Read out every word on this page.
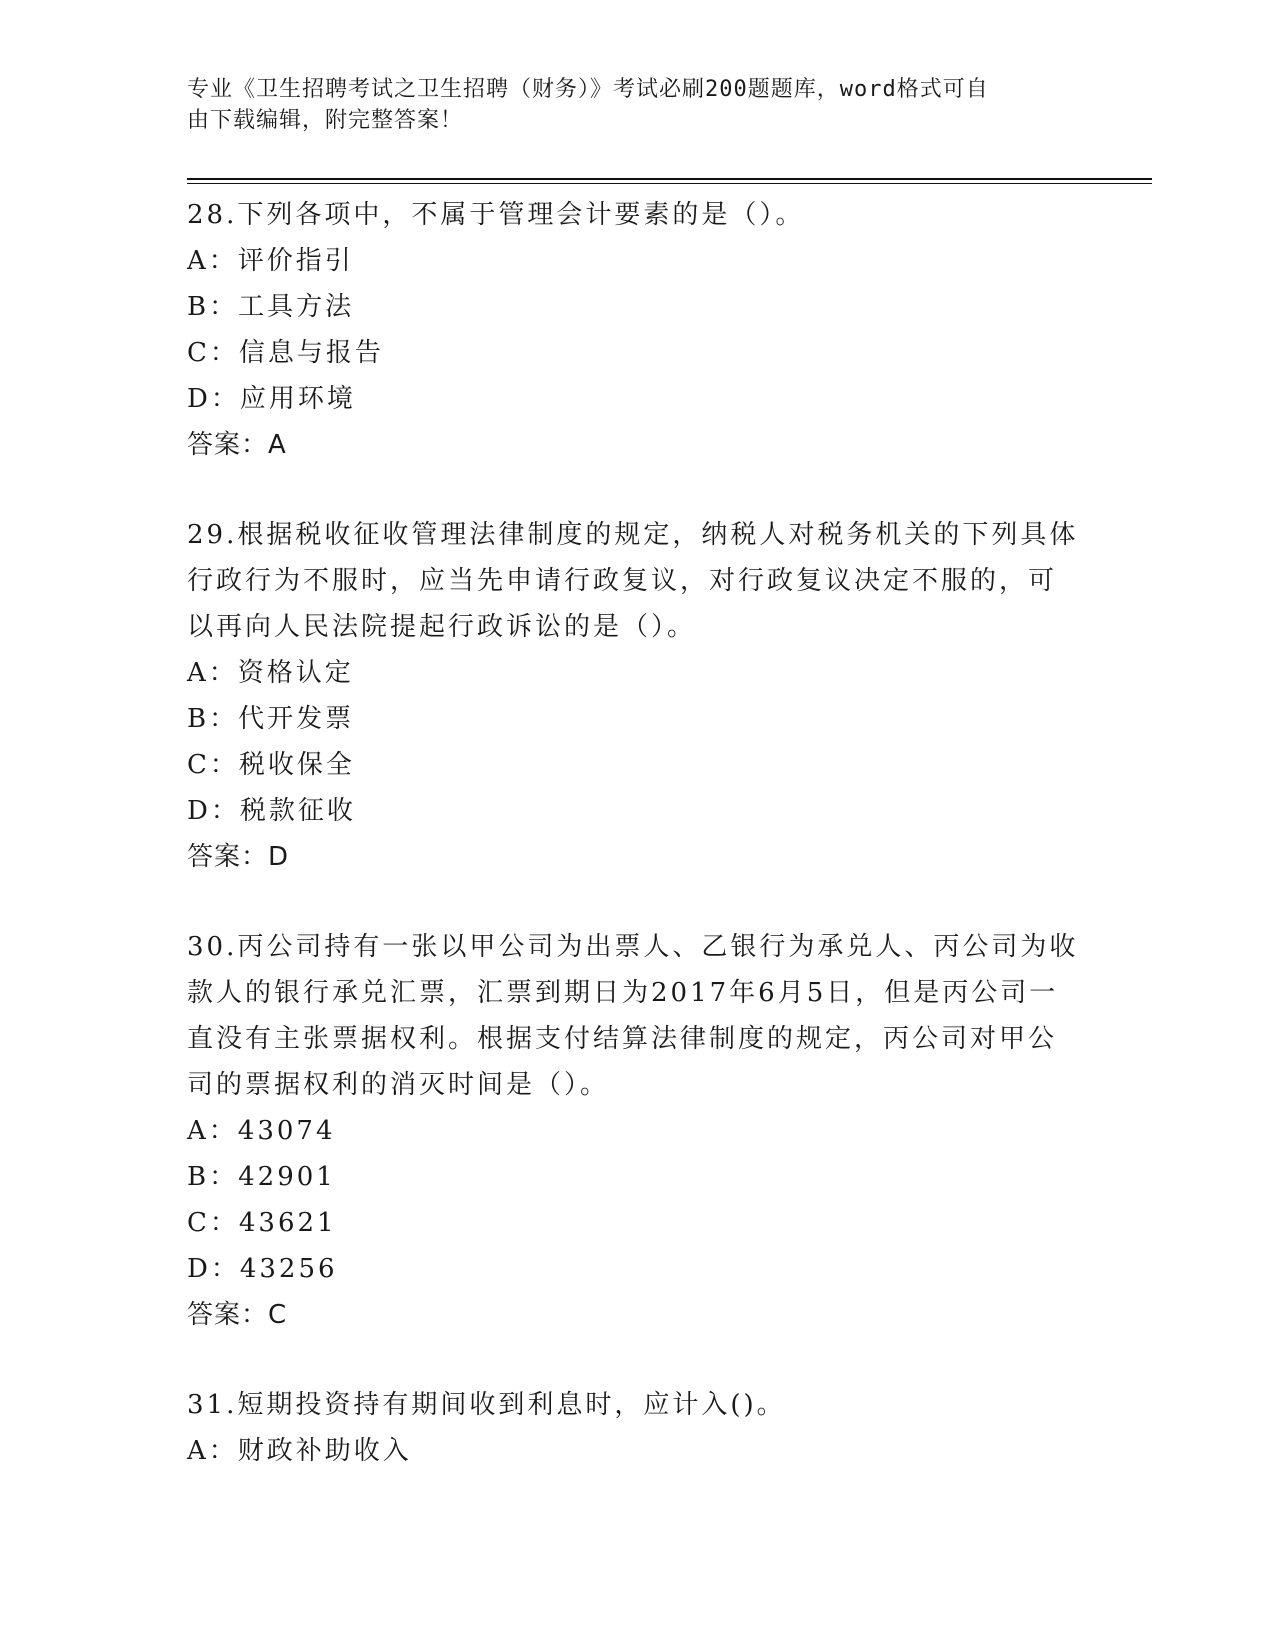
专业《卫生招聘考试之卫生招聘（财务）》考试必刷200题题库，word格式可自
由下载编辑，附完整答案！
28.下列各项中，不属于管理会计要素的是（）。
A：评价指引
B：工具方法
C：信息与报告
D：应用环境
答案：A
29.根据税收征收管理法律制度的规定，纳税人对税务机关的下列具体
行政行为不服时，应当先申请行政复议，对行政复议决定不服的，可
以再向人民法院提起行政诉讼的是（）。
A：资格认定
B：代开发票
C：税收保全
D：税款征收
答案：D
30.丙公司持有一张以甲公司为出票人、乙银行为承兑人、丙公司为收
款人的银行承兑汇票，汇票到期日为2017年6月5日，但是丙公司一
直没有主张票据权利。根据支付结算法律制度的规定，丙公司对甲公
司的票据权利的消灭时间是（）。
A：43074
B：42901
C：43621
D：43256
答案：C
31.短期投资持有期间收到利息时，应计入()。
A：财政补助收入
